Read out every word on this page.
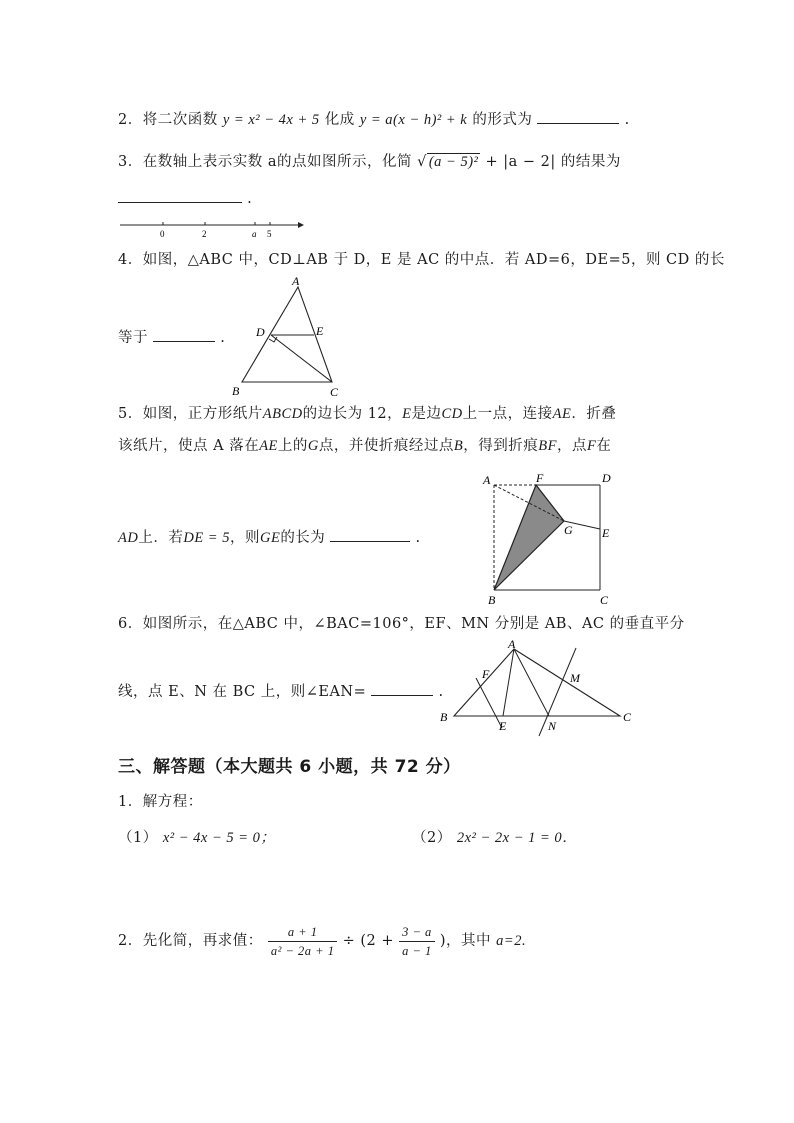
2．将二次函数 y = x² − 4x + 5 化成 y = a(x − h)² + k 的形式为	.
3．在数轴上表示实数 a的点如图所示，化简 √ (a − 5)² + |a − 2| 的结果为
.
0	2	a 5
4．如图，△ABC 中，CD⊥AB 于 D，E 是 AC 的中点．若 AD=6，DE=5，则 CD 的长
等于	.
A
D	E
B	C
5．如图，正方形纸片ABCD的边长为 12，E是边CD上一点，连接AE．折叠
该纸片，使点 A 落在AE上的G点，并使折痕经过点B，得到折痕BF，点F在
AD上．若DE = 5，则GE的长为	.
A	F	D
G E
B	C
6．如图所示，在△ABC 中，∠BAC=106°，EF、MN 分别是 AB、AC 的垂直平分
线，点 E、N 在 BC 上，则∠EAN=	.
A
F	M
B
E	N
C
三、解答题（本大题共 6 小题，共 72 分）
1．解方程：
（1） x² − 4x − 5 = 0；	（2） 2x² − 2x − 1 = 0．
2．先化简，再求值： $\frac{a + 1}{\text{a² − 2a + 1}} \div (2 + \frac{3 - a}{a - 1}$ )，其中 a=2.
